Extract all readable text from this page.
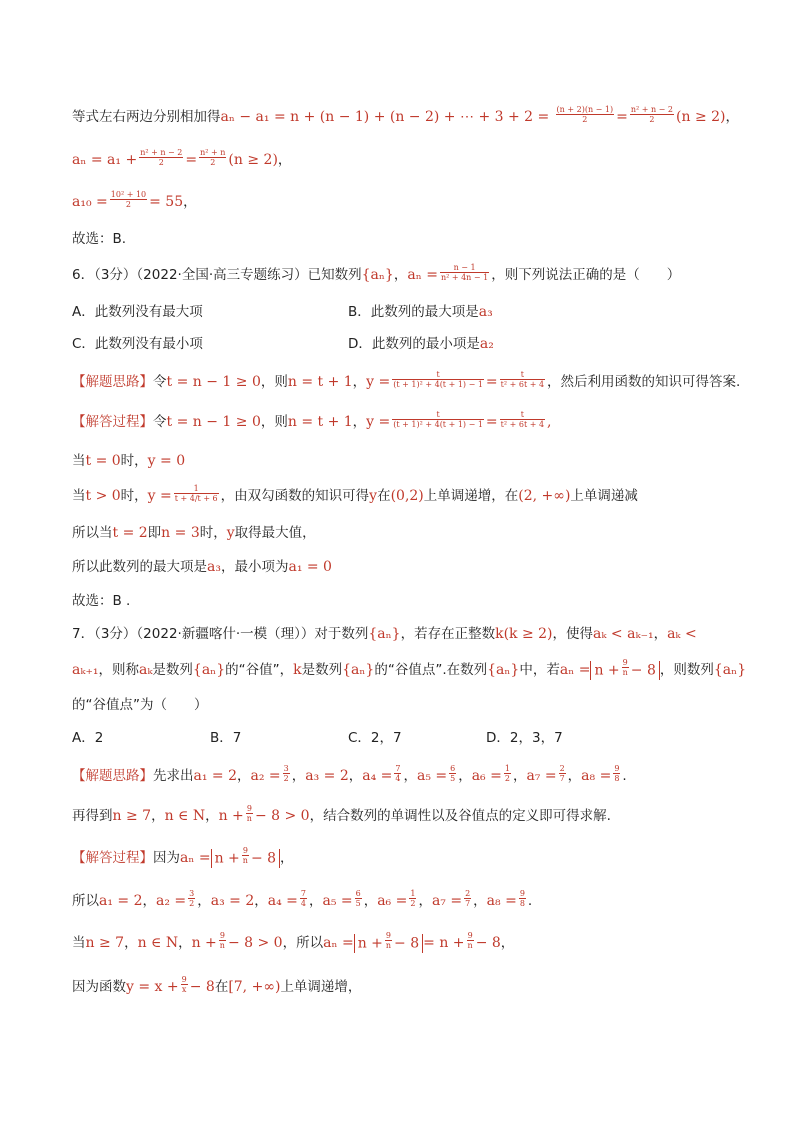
等式左右两边分别相加得aₙ − a₁ = n + (n − 1) + (n − 2) + ⋯ + $3 + 2 = \frac{(n + 2)(n - 1)}{2} = \frac{\text{n² + n − 2}}{2} (n \ge 2)$，
$a_n = a_1 + \frac{\text{n² + n − 2}}{2} = \frac{\text{n² + n}}{2} (n \ge 2)$，
$a_{10} = \frac{\text{10² + 10}}{2} = 55$，
故选：B.
6．（3分）（2022·全国·高三专题练习）已知数列{aₙ}，$a_n = \frac{n - 1}{\text{n² + 4n − 1}}$ ，则下列说法正确的是（　　）
A．此数列没有最大项	B．此数列的最大项是a₃
C．此数列没有最小项	D．此数列的最小项是a₂
【解题思路】令t = n − 1 ≥ 0，则n = t + 1，$y = \frac{t}{\text{(t + 1)² + 4(t + 1) − 1}} = \frac{t}{\text{t² + 6t + 4}}$ ，然后利用函数的知识可得答案.
【解答过程】令t = n − 1 ≥ 0，则n = t + 1，$y = \frac{t}{\text{(t + 1)² + 4(t + 1) − 1}} = \frac{t}{\text{t² + 6t + 4}}$ ,
当t = 0时，y = 0
当t > 0时，$y = \frac{1}{t + 4/t + 6}$ ，由双勾函数的知识可得y在(0,2)上单调递增，在(2, +∞)上单调递减
所以当t = 2即n = 3时，y取得最大值，
所以此数列的最大项是a₃，最小项为a₁ = 0
故选：B .
7．（3分）（2022·新疆喀什·一模（理））对于数列{aₙ}，若存在正整数k(k ≥ 2)，使得aₖ < aₖ₋₁，aₖ <
aₖ₊₁，则称aₖ是数列{aₙ}的“谷值”，k是数列{aₙ}的“谷值点”.在数列{aₙ}中，若$a_n = n + \frac{9}{n} - 8$ ，则数列{aₙ}
的“谷值点”为（　　）
A．2	B．7	C．2，7	D．2，3，7
【解题思路】先求出a₁ = 2，$a_2 = \frac{3}{2}$ ，a₃ = 2，$a_4 = \frac{7}{4}$ ，$a_5 = \frac{6}{5}$ ，$a_6 = \frac{1}{2}$ ，$a_7 = \frac{2}{7}$ ，$a_8 = \frac{9}{8}$ .
再得到n ≥ 7，n ∈ N，$n + \frac{9}{n} - 8 > 0$，结合数列的单调性以及谷值点的定义即可得求解.
【解答过程】因为$a_n = n + \frac{9}{n} - 8$ ，
所以a₁ = 2，$a_2 = \frac{3}{2}$ ，a₃ = 2，$a_4 = \frac{7}{4}$ ，$a_5 = \frac{6}{5}$ ，$a_6 = \frac{1}{2}$ ，$a_7 = \frac{2}{7}$ ，$a_8 = \frac{9}{8}$ .
当n ≥ 7，n ∈ N，$n + \frac{9}{n} - 8 > 0$，所以$a_n = n + \frac{9}{n} - 8 = n + \frac{9}{n} - 8$，
因为函数$y = x + \frac{9}{x} - 8$在[7, +∞)上单调递增，
